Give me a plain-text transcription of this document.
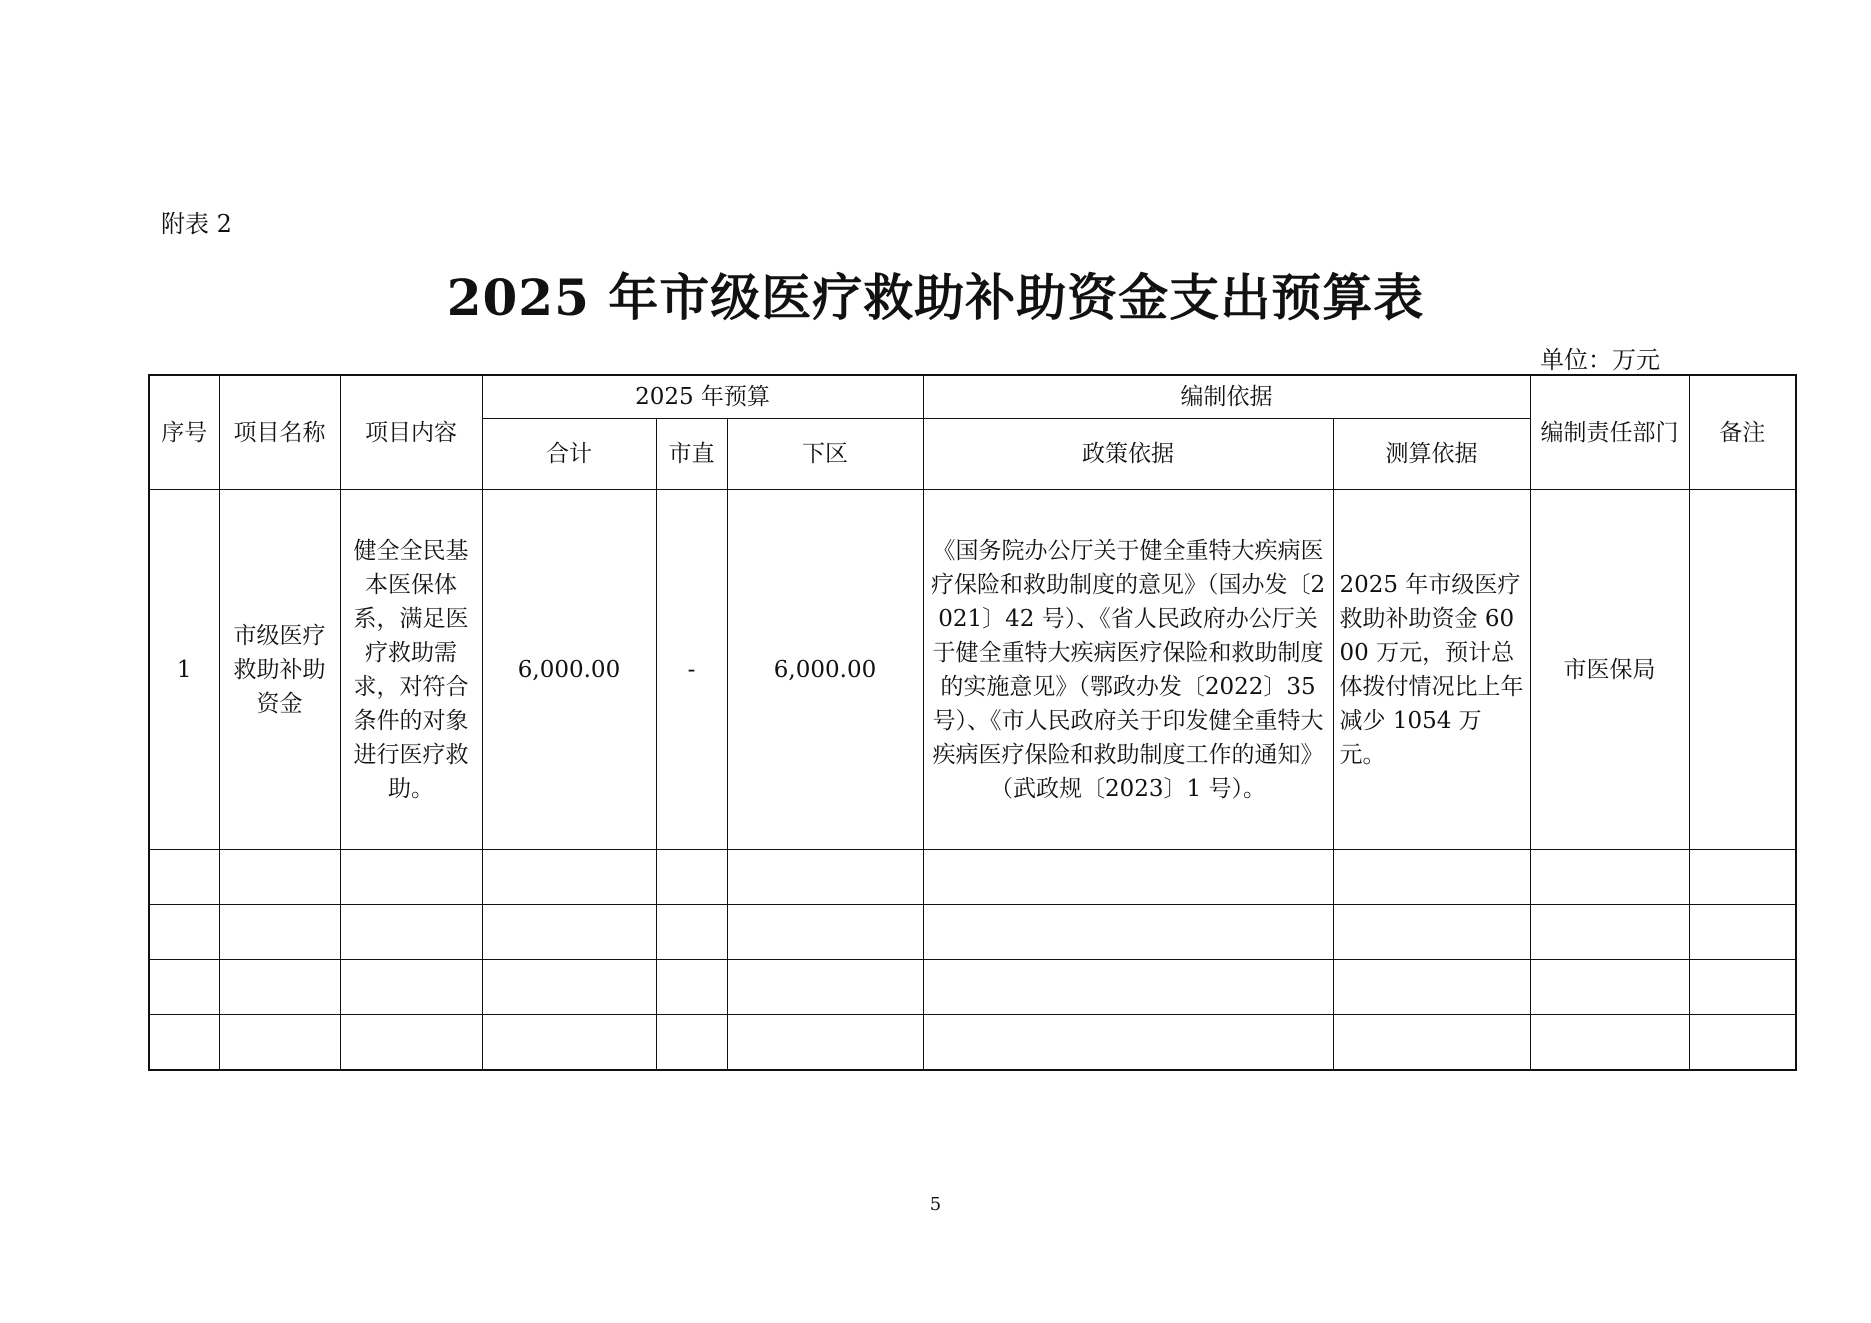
附表 2
2025 年市级医疗救助补助资金支出预算表
单位：万元
序号	项目名称	项目内容	2025 年预算			编制依据		编制责任部门	备注
			合计	市直	下区	政策依据	测算依据		
1	市级医疗救助补助资金	健全全民基本医保体系，满足医疗救助需求，对符合条件的对象进行医疗救助。	6,000.00	-	6,000.00	《国务院办公厅关于健全重特大疾病医疗保险和救助制度的意见》（国办发〔2021〕42 号）、《省人民政府办公厅关于健全重特大疾病医疗保险和救助制度的实施意见》（鄂政办发〔2022〕35 号）、《市人民政府关于印发健全重特大疾病医疗保险和救助制度工作的通知》（武政规〔2023〕1 号）。	2025 年市级医疗救助补助资金 6000 万元，预计总体拨付情况比上年减少 1054 万元。	市医保局	

5
